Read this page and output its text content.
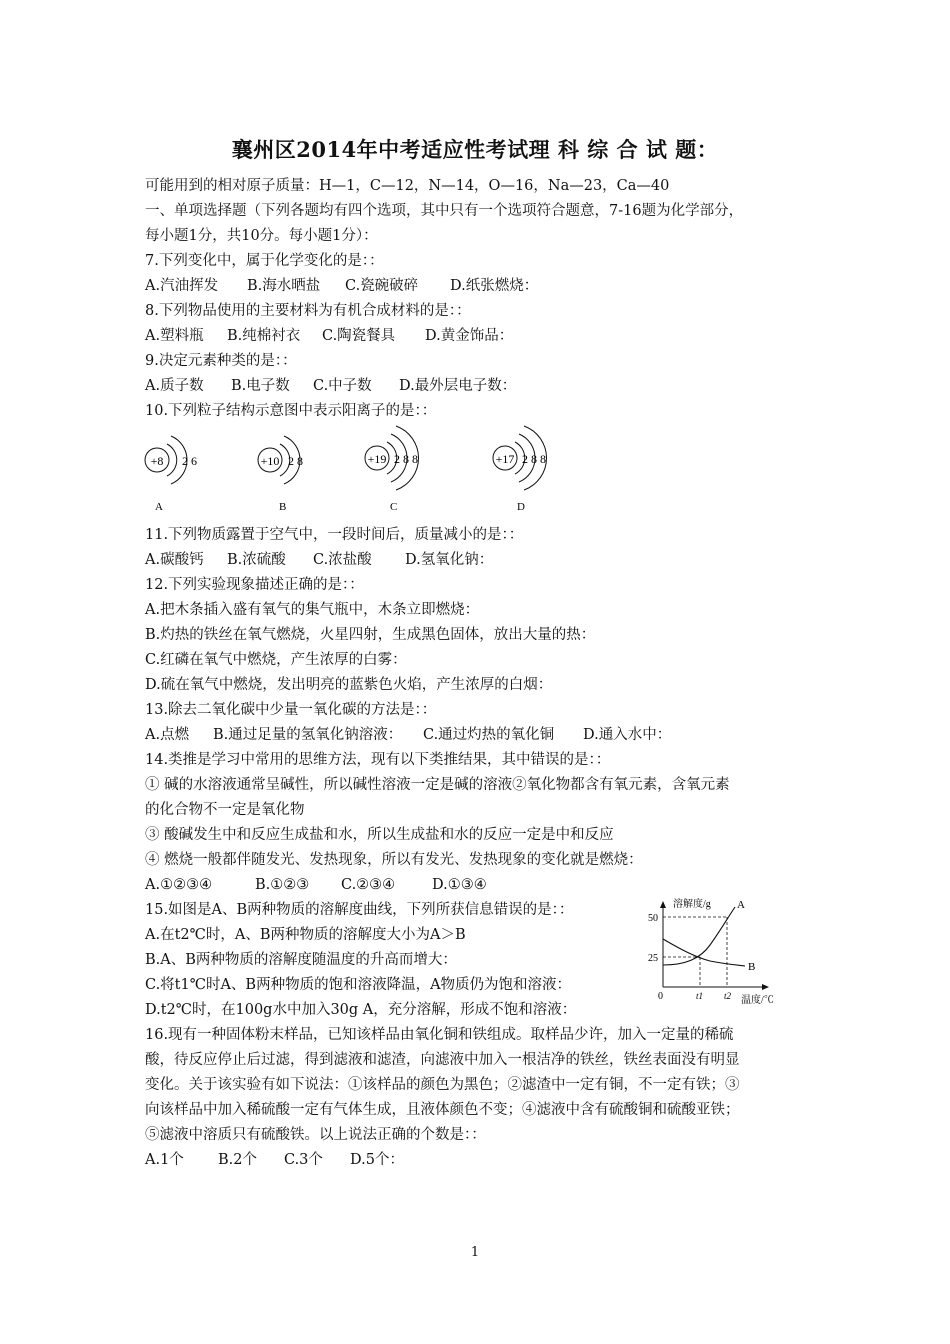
襄州区2014年中考适应性考试理 科 综 合 试 题：
可能用到的相对原子质量：H—1，C—12，N—14，O—16，Na—23，Ca—40
一、单项选择题（下列各题均有四个选项，其中只有一个选项符合题意，7-16题为化学部分，
每小题1分，共10分。每小题1分）：
7.下列变化中，属于化学变化的是：：
A.汽油挥发 B.海水晒盐 C.瓷碗破碎 D.纸张燃烧：
8.下列物品使用的主要材料为有机合成材料的是：：
A.塑料瓶 B.纯棉衬衣 C.陶瓷餐具 D.黄金饰品：
9.决定元素种类的是：：
A.质子数 B.电子数 C.中子数 D.最外层电子数：
10.下列粒子结构示意图中表示阳离子的是：：
+8 2 6
A
+10 2 8
B
+19 2 8 8
C
+17 2 8 8
D
11.下列物质露置于空气中，一段时间后，质量减小的是：：
A.碳酸钙 B.浓硫酸 C.浓盐酸 D.氢氧化钠：
12.下列实验现象描述正确的是：：
A.把木条插入盛有氧气的集气瓶中，木条立即燃烧：
B.灼热的铁丝在氧气燃烧，火星四射，生成黑色固体，放出大量的热：
C.红磷在氧气中燃烧，产生浓厚的白雾：
D.硫在氧气中燃烧，发出明亮的蓝紫色火焰，产生浓厚的白烟：
13.除去二氧化碳中少量一氧化碳的方法是：：
A.点燃 B.通过足量的氢氧化钠溶液： C.通过灼热的氧化铜 D.通入水中：
14.类推是学习中常用的思维方法，现有以下类推结果，其中错误的是：：
① 碱的水溶液通常呈碱性，所以碱性溶液一定是碱的溶液②氧化物都含有氧元素，含氧元素
的化合物不一定是氧化物
③ 酸碱发生中和反应生成盐和水，所以生成盐和水的反应一定是中和反应
④ 燃烧一般都伴随发光、发热现象，所以有发光、发热现象的变化就是燃烧：
A.①②③④	B.①②③ C.②③④	D.①③④
15.如图是A、B两种物质的溶解度曲线，下列所获信息错误的是：：
A.在t2℃时，A、B两种物质的溶解度大小为A＞B
B.A、B两种物质的溶解度随温度的升高而增大：
C.将t1℃时A、B两种物质的饱和溶液降温，A物质仍为饱和溶液：
D.t2℃时，在100g水中加入30g A，充分溶解，形成不饱和溶液：
溶解度/g
温度/℃
50
25
0	t1 t2
A
B
16.现有一种固体粉末样品，已知该样品由氧化铜和铁组成。取样品少许，加入一定量的稀硫
酸，待反应停止后过滤，得到滤液和滤渣，向滤液中加入一根洁净的铁丝，铁丝表面没有明显
变化。关于该实验有如下说法：①该样品的颜色为黑色；②滤渣中一定有铜，不一定有铁；③
向该样品中加入稀硫酸一定有气体生成，且液体颜色不变；④滤液中含有硫酸铜和硫酸亚铁；
⑤滤液中溶质只有硫酸铁。以上说法正确的个数是：：
A.1个 B.2个 C.3个 D.5个：
1
